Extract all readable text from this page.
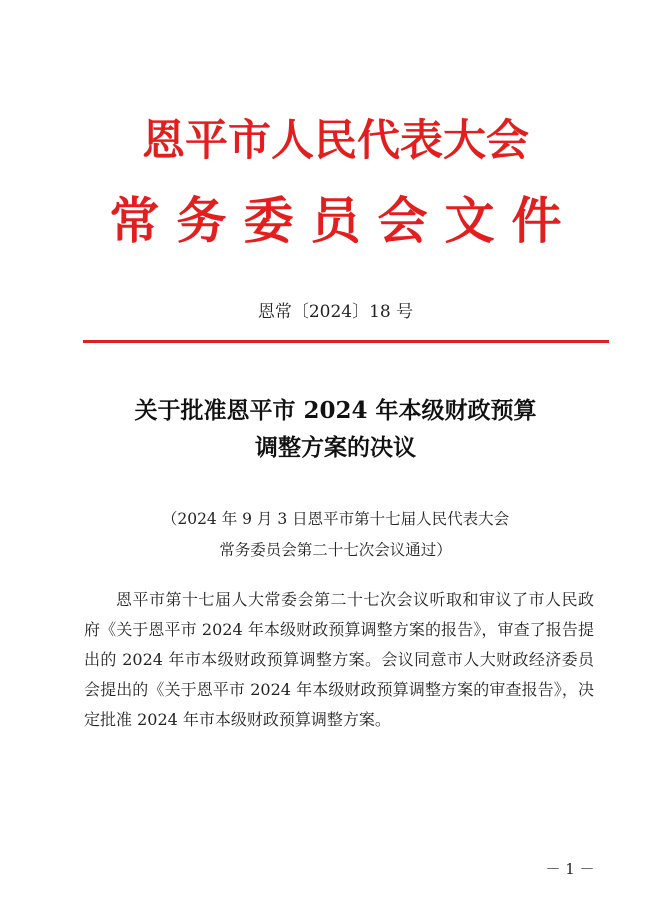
恩平市人民代表大会
常务委员会文件
恩常〔2024〕18 号
关于批准恩平市 2024 年本级财政预算
调整方案的决议
（2024 年 9 月 3 日恩平市第十七届人民代表大会
常务委员会第二十七次会议通过）
恩平市第十七届人大常委会第二十七次会议听取和审议了市人民政府《关于恩平市 2024 年本级财政预算调整方案的报告》，审查了报告提出的 2024 年市本级财政预算调整方案。会议同意市人大财政经济委员会提出的《关于恩平市 2024 年本级财政预算调整方案的审查报告》，决定批准 2024 年市本级财政预算调整方案。
－ 1 －
